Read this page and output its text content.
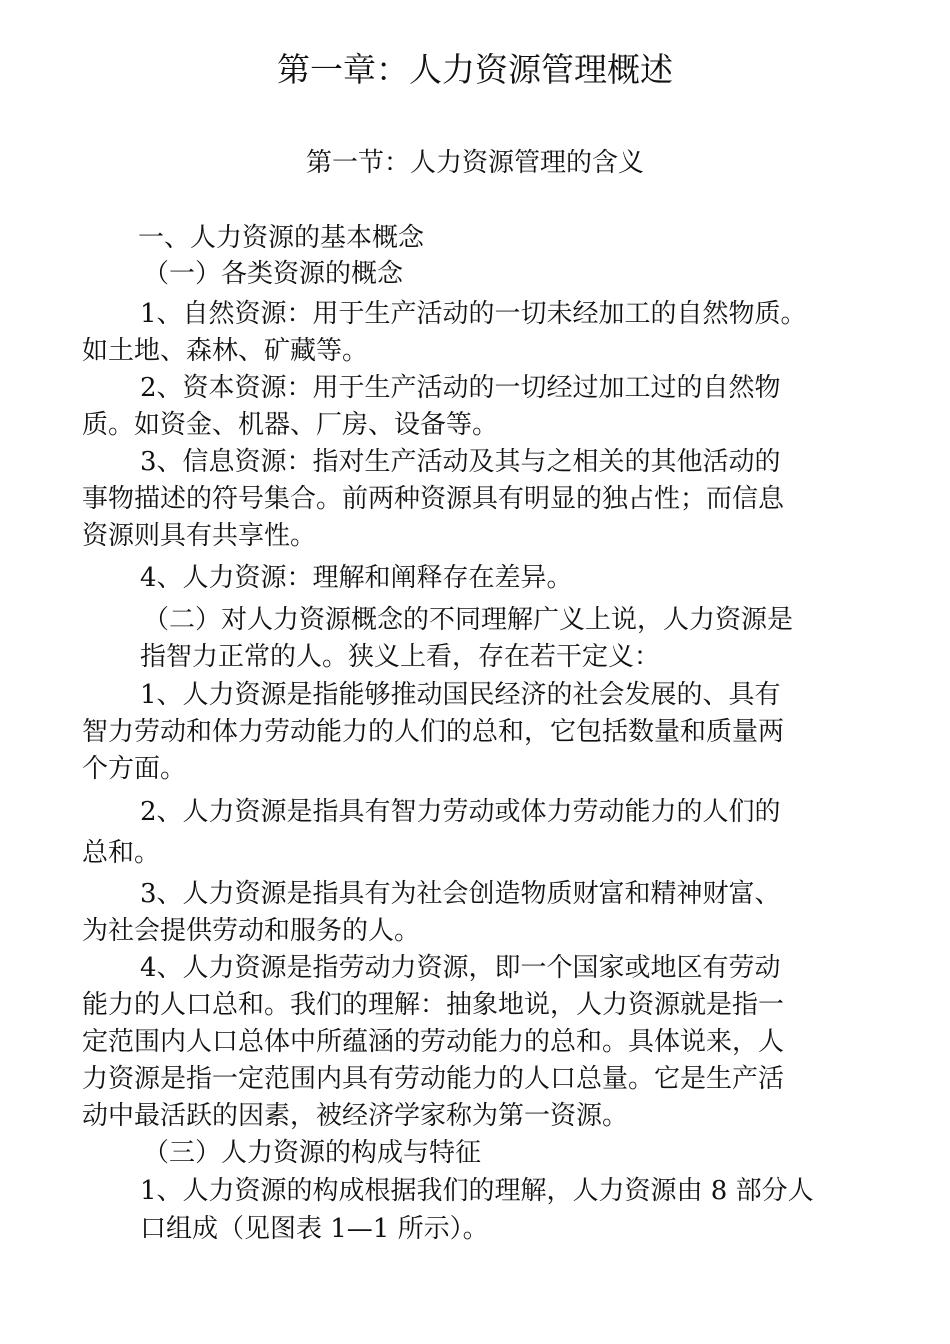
第一章：人力资源管理概述
第一节：人力资源管理的含义
一、人力资源的基本概念
（一）各类资源的概念
1、自然资源：用于生产活动的一切未经加工的自然物质。
如土地、森林、矿藏等。
2、资本资源：用于生产活动的一切经过加工过的自然物
质。如资金、机器、厂房、设备等。
3、信息资源：指对生产活动及其与之相关的其他活动的
事物描述的符号集合。前两种资源具有明显的独占性；而信息
资源则具有共享性。
4、人力资源：理解和阐释存在差异。
（二）对人力资源概念的不同理解广义上说，人力资源是
指智力正常的人。狭义上看，存在若干定义：
1、人力资源是指能够推动国民经济的社会发展的、具有
智力劳动和体力劳动能力的人们的总和，它包括数量和质量两
个方面。
2、人力资源是指具有智力劳动或体力劳动能力的人们的
总和。
3、人力资源是指具有为社会创造物质财富和精神财富、
为社会提供劳动和服务的人。
4、人力资源是指劳动力资源，即一个国家或地区有劳动
能力的人口总和。我们的理解：抽象地说，人力资源就是指一
定范围内人口总体中所蕴涵的劳动能力的总和。具体说来，人
力资源是指一定范围内具有劳动能力的人口总量。它是生产活
动中最活跃的因素，被经济学家称为第一资源。
（三）人力资源的构成与特征
1、人力资源的构成根据我们的理解，人力资源由 8 部分人
口组成（见图表 1—1 所示）。
